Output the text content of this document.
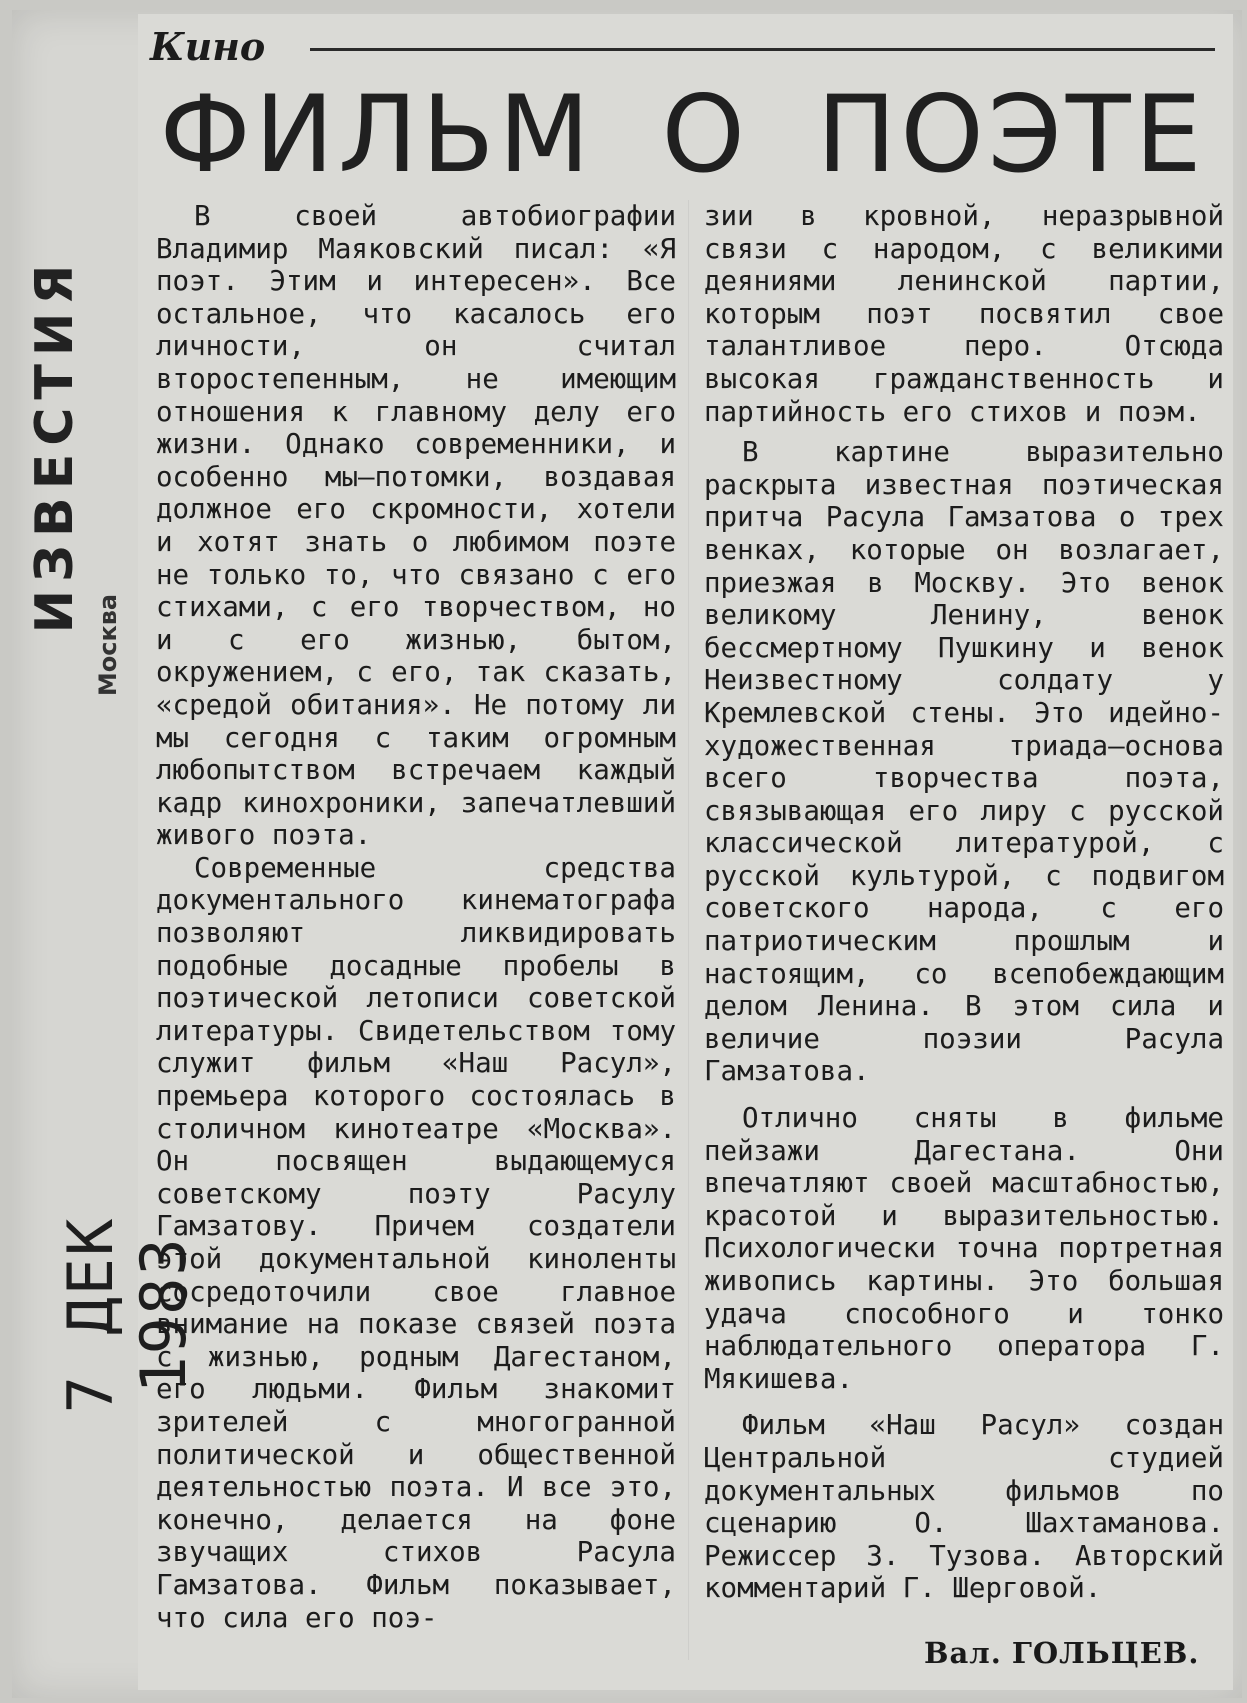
ИЗВЕСТИЯ
Москва
7 ДЕК 1983
Кино
ФИЛЬМ О ПОЭТЕ

В своей автобиографии Владимир Маяковский писал: «Я поэт. Этим и интересен». Все остальное, что касалось его личности, он считал второстепенным, не имеющим отношения к главному делу его жизни. Однако современники, и особенно мы—потомки, воздавая должное его скромности, хотели и хотят знать о любимом поэте не только то, что связано с его стихами, с его творчеством, но и с его жизнью, бытом, окружением, с его, так сказать, «средой обитания». Не потому ли мы сегодня с таким огромным любопытством встречаем каждый кадр кинохроники, запечатлевший живого поэта.

Современные средства документального кинематографа позволяют ликвидировать подобные досадные пробелы в поэтической летописи советской литературы. Свидетельством тому служит фильм «Наш Расул», премьера которого состоялась в столичном кинотеатре «Москва». Он посвящен выдающемуся советскому поэту Расулу Гамзатову. Причем создатели этой документальной киноленты сосредоточили свое главное внимание на показе связей поэта с жизнью, родным Дагестаном, его людьми. Фильм знакомит зрителей с многогранной политической и общественной деятельностью поэта. И все это, конечно, делается на фоне звучащих стихов Расула Гамзатова. Фильм показывает, что сила его поэ-

зии в кровной, неразрывной связи с народом, с великими деяниями ленинской партии, которым поэт посвятил свое талантливое перо. Отсюда высокая гражданственность и партийность его стихов и поэм.

В картине выразительно раскрыта известная поэтическая притча Расула Гамзатова о трех венках, которые он возлагает, приезжая в Москву. Это венок великому Ленину, венок бессмертному Пушкину и венок Неизвестному солдату у Кремлевской стены. Это идейно-художественная триада—основа всего творчества поэта, связывающая его лиру с русской классической литературой, с русской культурой, с подвигом советского народа, с его патриотическим прошлым и настоящим, со всепобеждающим делом Ленина. В этом сила и величие поэзии Расула Гамзатова.

Отлично сняты в фильме пейзажи Дагестана. Они впечатляют своей масштабностью, красотой и выразительностью. Психологически точна портретная живопись картины. Это большая удача способного и тонко наблюдательного оператора Г. Мякишева.

Фильм «Наш Расул» создан Центральной студией документальных фильмов по сценарию О. Шахтаманова. Режиссер З. Тузова. Авторский комментарий Г. Шерговой.

Вал. ГОЛЬЦЕВ.
